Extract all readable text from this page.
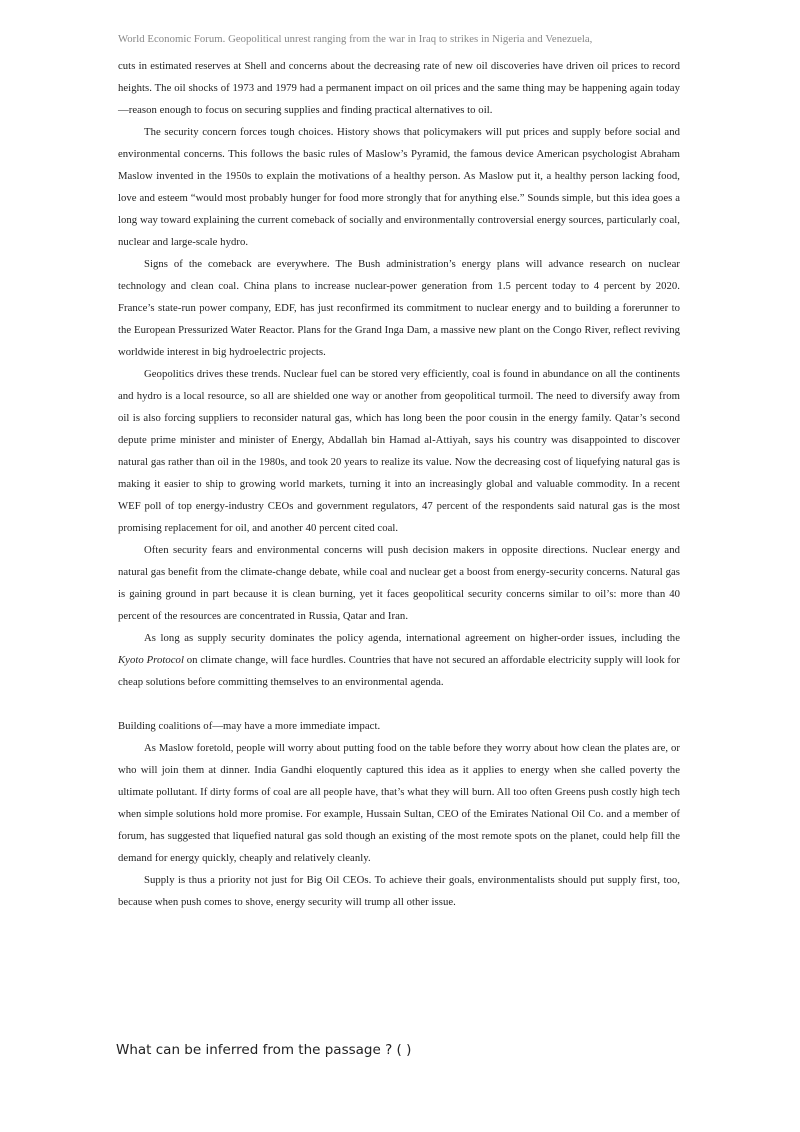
World Economic Forum. Geopolitical unrest ranging from the war in Iraq to strikes in Nigeria and Venezuela,

cuts in estimated reserves at Shell and concerns about the decreasing rate of new oil discoveries have driven oil prices to record heights. The oil shocks of 1973 and 1979 had a permanent impact on oil prices and the same thing may be happening again today—reason enough to focus on securing supplies and finding practical alternatives to oil.

The security concern forces tough choices. History shows that policymakers will put prices and supply before social and environmental concerns. This follows the basic rules of Maslow’s Pyramid, the famous device American psychologist Abraham Maslow invented in the 1950s to explain the motivations of a healthy person. As Maslow put it, a healthy person lacking food, love and esteem “would most probably hunger for food more strongly that for anything else.” Sounds simple, but this idea goes a long way toward explaining the current comeback of socially and environmentally controversial energy sources, particularly coal, nuclear and large-scale hydro.

Signs of the comeback are everywhere. The Bush administration’s energy plans will advance research on nuclear technology and clean coal. China plans to increase nuclear-power generation from 1.5 percent today to 4 percent by 2020. France’s state-run power company, EDF, has just reconfirmed its commitment to nuclear energy and to building a forerunner to the European Pressurized Water Reactor. Plans for the Grand Inga Dam, a massive new plant on the Congo River, reflect reviving worldwide interest in big hydroelectric projects.

Geopolitics drives these trends. Nuclear fuel can be stored very efficiently, coal is found in abundance on all the continents and hydro is a local resource, so all are shielded one way or another from geopolitical turmoil. The need to diversify away from oil is also forcing suppliers to reconsider natural gas, which has long been the poor cousin in the energy family. Qatar’s second depute prime minister and minister of Energy, Abdallah bin Hamad al-Attiyah, says his country was disappointed to discover natural gas rather than oil in the 1980s, and took 20 years to realize its value. Now the decreasing cost of liquefying natural gas is making it easier to ship to growing world markets, turning it into an increasingly global and valuable commodity. In a recent WEF poll of top energy-industry CEOs and government regulators, 47 percent of the respondents said natural gas is the most promising replacement for oil, and another 40 percent cited coal.

Often security fears and environmental concerns will push decision makers in opposite directions. Nuclear energy and natural gas benefit from the climate-change debate, while coal and nuclear get a boost from energy-security concerns. Natural gas is gaining ground in part because it is clean burning, yet it faces geopolitical security concerns similar to oil’s: more than 40 percent of the resources are concentrated in Russia, Qatar and Iran.

As long as supply security dominates the policy agenda, international agreement on higher-order issues, including the Kyoto Protocol on climate change, will face hurdles. Countries that have not secured an affordable electricity supply will look for cheap solutions before committing themselves to an environmental agenda.

Building coalitions of—may have a more immediate impact.

As Maslow foretold, people will worry about putting food on the table before they worry about how clean the plates are, or who will join them at dinner. India Gandhi eloquently captured this idea as it applies to energy when she called poverty the ultimate pollutant. If dirty forms of coal are all people have, that’s what they will burn. All too often Greens push costly high tech when simple solutions hold more promise. For example, Hussain Sultan, CEO of the Emirates National Oil Co. and a member of forum, has suggested that liquefied natural gas sold though an existing of the most remote spots on the planet, could help fill the demand for energy quickly, cheaply and relatively cleanly.

Supply is thus a priority not just for Big Oil CEOs. To achieve their goals, environmentalists should put supply first, too, because when push comes to shove, energy security will trump all other issue.

What can be inferred from the passage ? ( )
